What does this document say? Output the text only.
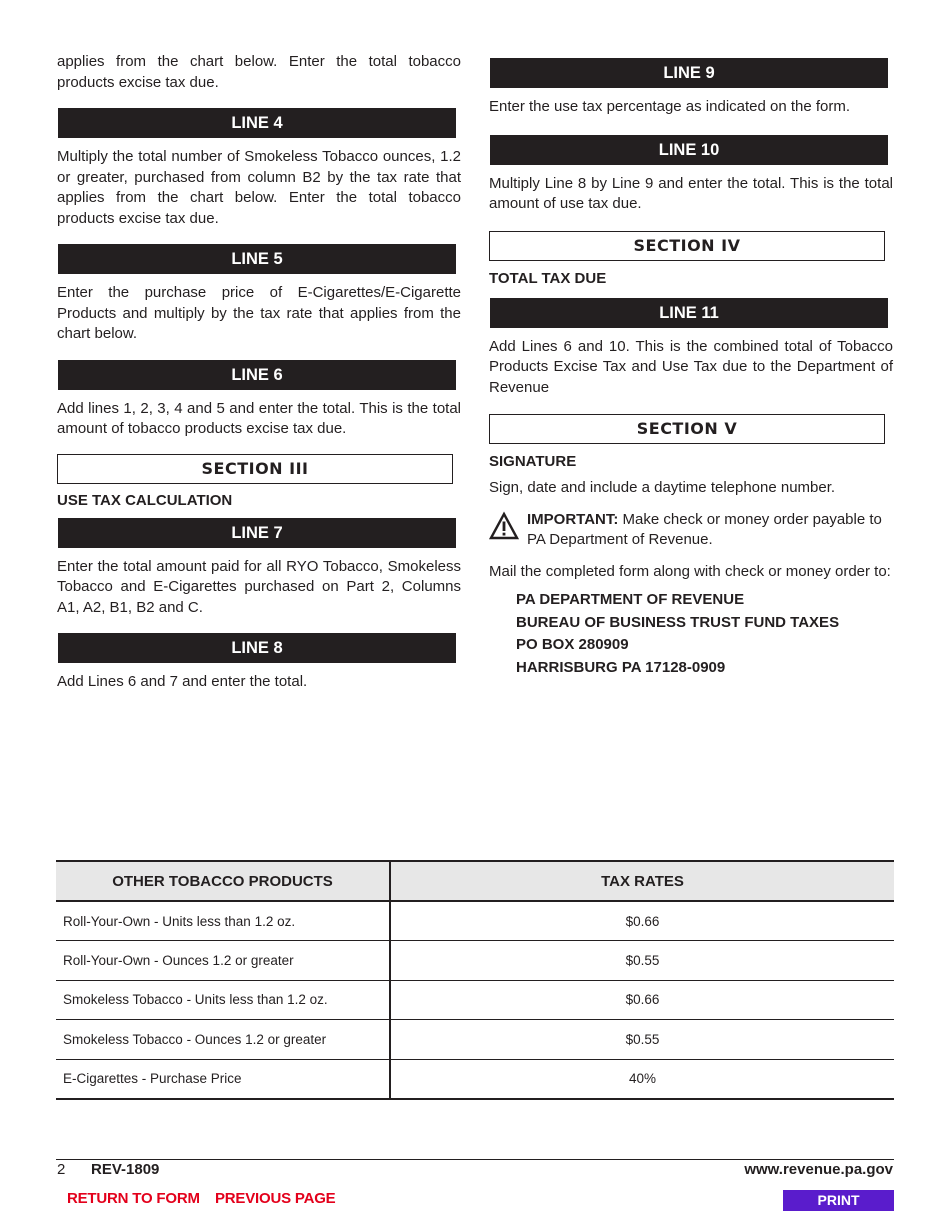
applies from the chart below. Enter the total tobacco products excise tax due.

LINE 4

Multiply the total number of Smokeless Tobacco ounces, 1.2 or greater, purchased from column B2 by the tax rate that applies from the chart below. Enter the total tobacco products excise tax due.

LINE 5

Enter the purchase price of E-Cigarettes/E-Cigarette Products and multiply by the tax rate that applies from the chart below.

LINE 6

Add lines 1, 2, 3, 4 and 5 and enter the total. This is the total amount of tobacco products excise tax due.

SECTION III
USE TAX CALCULATION
LINE 7

Enter the total amount paid for all RYO Tobacco, Smokeless Tobacco and E-Cigarettes purchased on Part 2, Columns A1, A2, B1, B2 and C.

LINE 8

Add Lines 6 and 7 and enter the total.

LINE 9

Enter the use tax percentage as indicated on the form.

LINE 10

Multiply Line 8 by Line 9 and enter the total. This is the total amount of use tax due.

SECTION IV
TOTAL TAX DUE
LINE 11

Add Lines 6 and 10. This is the combined total of Tobacco Products Excise Tax and Use Tax due to the Department of Revenue

SECTION V
SIGNATURE

Sign, date and include a daytime telephone number.

IMPORTANT: Make check or money order payable to PA Department of Revenue.

Mail the completed form along with check or money order to:

PA DEPARTMENT OF REVENUE
BUREAU OF BUSINESS TRUST FUND TAXES
PO BOX 280909
HARRISBURG PA 17128-0909
OTHER TOBACCO PRODUCTS	TAX RATES
Roll-Your-Own - Units less than 1.2 oz.	$0.66
Roll-Your-Own - Ounces 1.2 or greater	$0.55
Smokeless Tobacco - Units less than 1.2 oz.	$0.66
Smokeless Tobacco - Ounces 1.2 or greater	$0.55
E-Cigarettes - Purchase Price	40%
2 REV-1809	www.revenue.pa.gov
RETURN TO FORM PREVIOUS PAGE	PRINT
